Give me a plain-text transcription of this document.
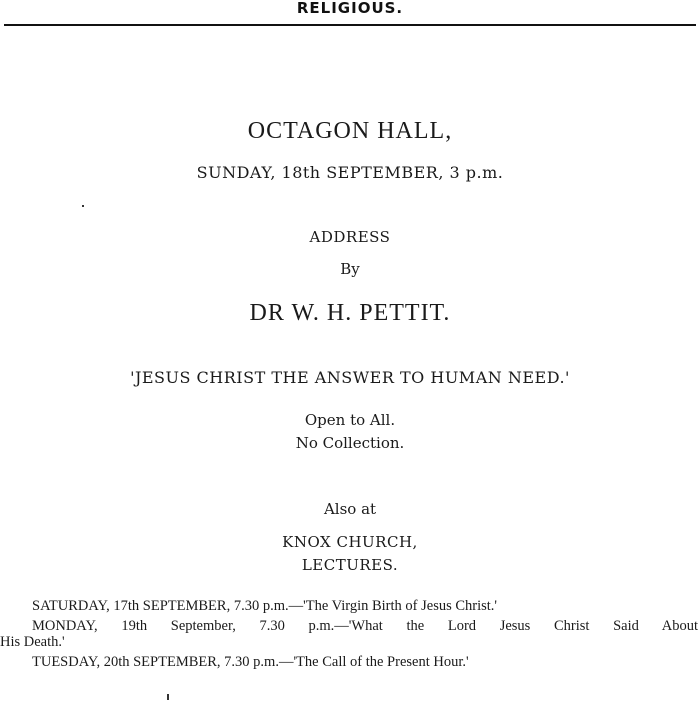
RELIGIOUS.
OCTAGON HALL,
SUNDAY, 18th SEPTEMBER, 3 p.m.
ADDRESS
By
DR W. H. PETTIT.
'JESUS CHRIST THE ANSWER TO HUMAN NEED.'
Open to All.
No Collection.
Also at
KNOX CHURCH,
LECTURES.
SATURDAY, 17th SEPTEMBER, 7.30 p.m.—'The Virgin Birth of Jesus Christ.'
MONDAY, 19th September, 7.30 p.m.—'What the Lord Jesus Christ Said About
His Death.'
TUESDAY, 20th SEPTEMBER, 7.30 p.m.—'The Call of the Present Hour.'
